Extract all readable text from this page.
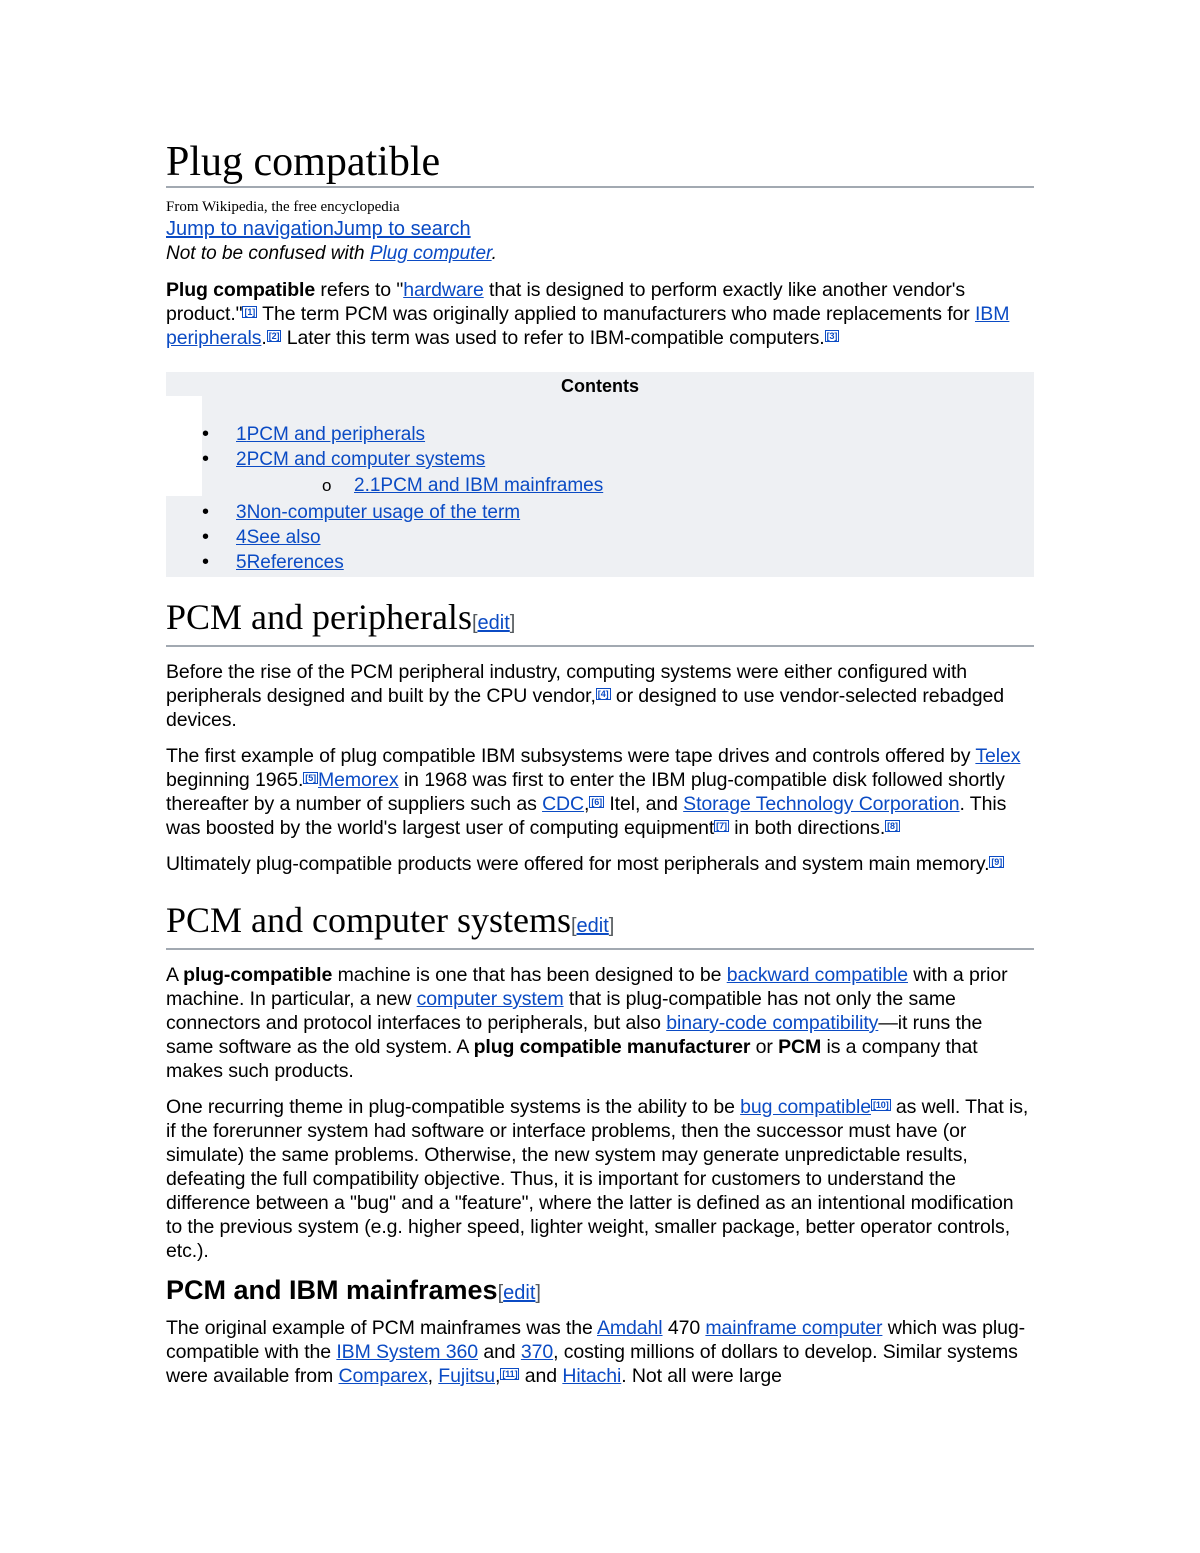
Plug compatible
From Wikipedia, the free encyclopedia
Jump to navigationJump to search
Not to be confused with Plug computer.

Plug compatible refers to "hardware that is designed to perform exactly like another vendor's product." [1] The term PCM was originally applied to manufacturers who made replacements for IBM peripherals. [2] Later this term was used to refer to IBM-compatible computers. [3]

Contents
• 1PCM and peripherals
• 2PCM and computer systems
o 2.1PCM and IBM mainframes
• 3Non-computer usage of the term
• 4See also
• 5References
PCM and peripherals[edit]

Before the rise of the PCM peripheral industry, computing systems were either configured with peripherals designed and built by the CPU vendor, [4] or designed to use vendor-selected rebadged devices.

The first example of plug compatible IBM subsystems were tape drives and controls offered by Telex beginning 1965. [5] Memorex in 1968 was first to enter the IBM plug-compatible disk followed shortly thereafter by a number of suppliers such as CDC, [6] Itel, and Storage Technology Corporation. This was boosted by the world's largest user of computing equipment [7] in both directions. [8]

Ultimately plug-compatible products were offered for most peripherals and system main memory. [9]

PCM and computer systems[edit]

A plug-compatible machine is one that has been designed to be backward compatible with a prior machine. In particular, a new computer system that is plug-compatible has not only the same connectors and protocol interfaces to peripherals, but also binary-code compatibility—it runs the same software as the old system. A plug compatible manufacturer or PCM is a company that makes such products.

One recurring theme in plug-compatible systems is the ability to be bug compatible [10] as well. That is, if the forerunner system had software or interface problems, then the successor must have (or simulate) the same problems. Otherwise, the new system may generate unpredictable results, defeating the full compatibility objective. Thus, it is important for customers to understand the difference between a "bug" and a "feature", where the latter is defined as an intentional modification to the previous system (e.g. higher speed, lighter weight, smaller package, better operator controls, etc.).

PCM and IBM mainframes[edit]

The original example of PCM mainframes was the Amdahl 470 mainframe computer which was plug-compatible with the IBM System 360 and 370, costing millions of dollars to develop. Similar systems were available from Comparex, Fujitsu, [11] and Hitachi. Not all were large
